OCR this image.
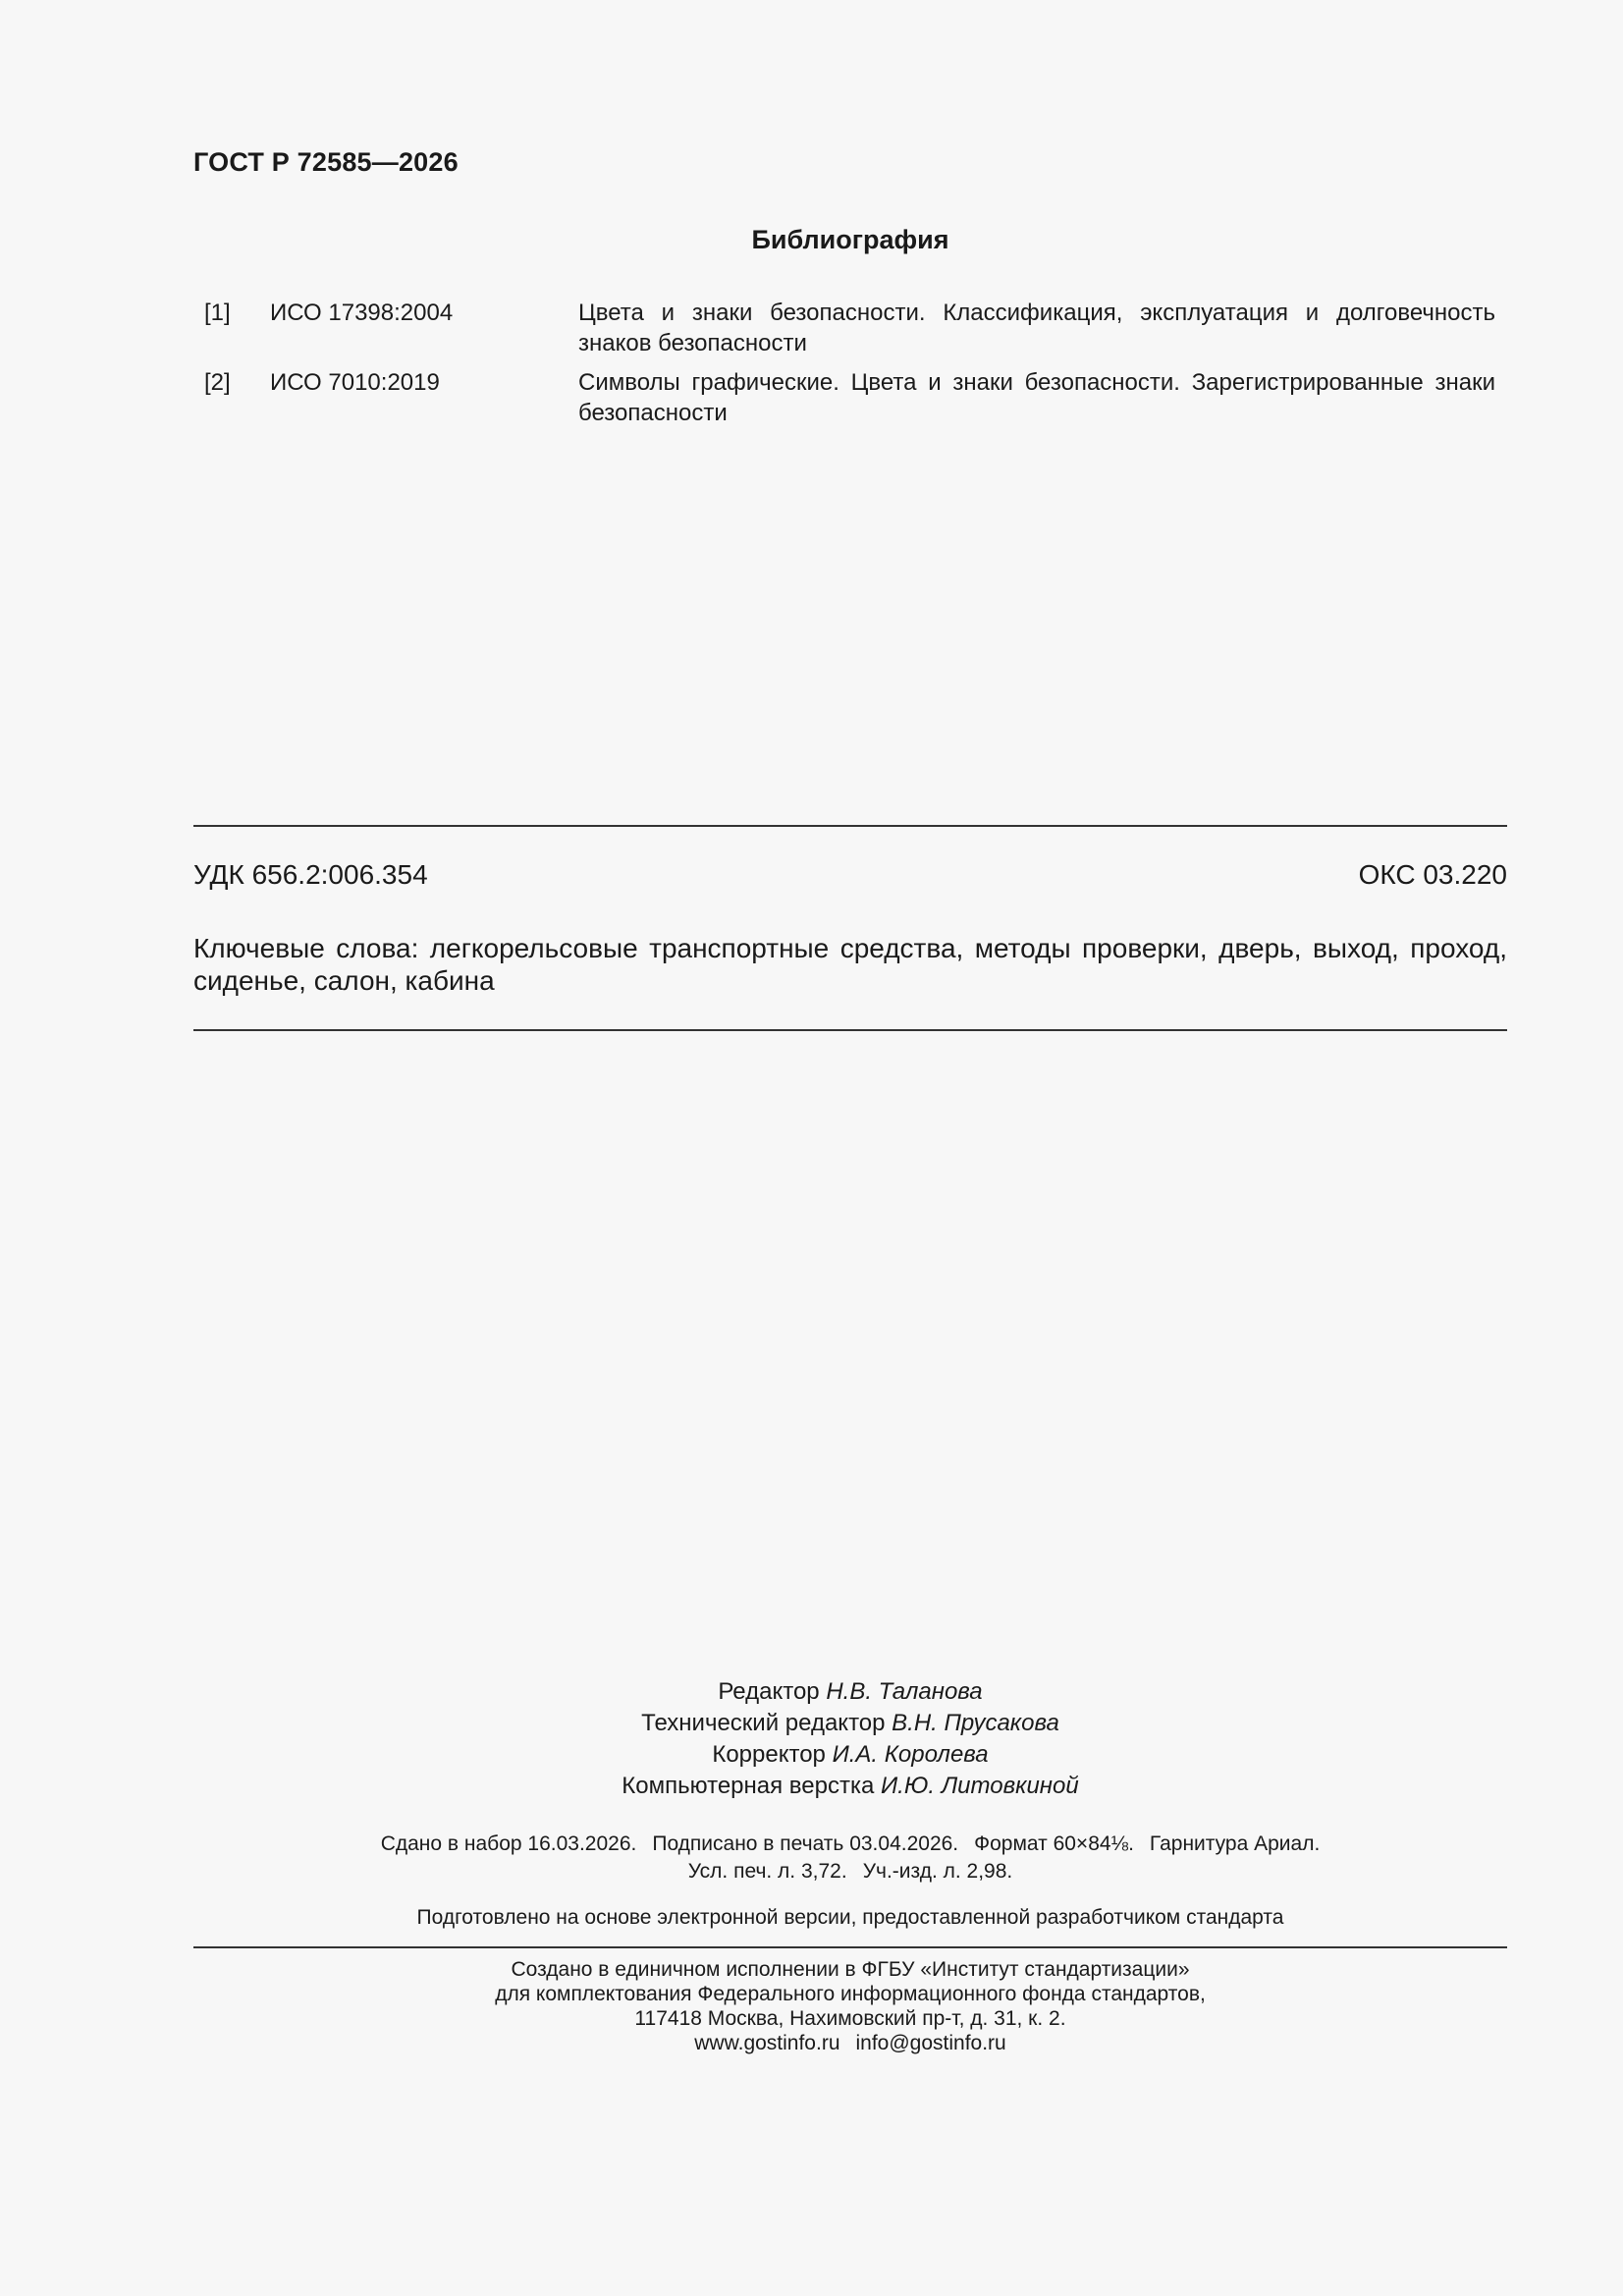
ГОСТ Р 72585—2026
Библиография
[1] ИСО 17398:2004	Цвета и знаки безопасности. Классификация, эксплуатация и долговечность знаков безопасности
[2] ИСО 7010:2019	Символы графические. Цвета и знаки безопасности. Зарегистрированные знаки безопасности
УДК 656.2:006.354	ОКС 03.220
Ключевые слова: легкорельсовые транспортные средства, методы проверки, дверь, выход, проход, сиденье, салон, кабина
Редактор Н.В. Таланова
Технический редактор В.Н. Прусакова
Корректор И.А. Королева
Компьютерная верстка И.Ю. Литовкиной
Сдано в набор 16.03.2026. Подписано в печать 03.04.2026. Формат 60×84⅛. Гарнитура Ариал.
Усл. печ. л. 3,72. Уч.-изд. л. 2,98.
Подготовлено на основе электронной версии, предоставленной разработчиком стандарта
Создано в единичном исполнении в ФГБУ «Институт стандартизации»
для комплектования Федерального информационного фонда стандартов,
117418 Москва, Нахимовский пр-т, д. 31, к. 2.
www.gostinfo.ru info@gostinfo.ru
